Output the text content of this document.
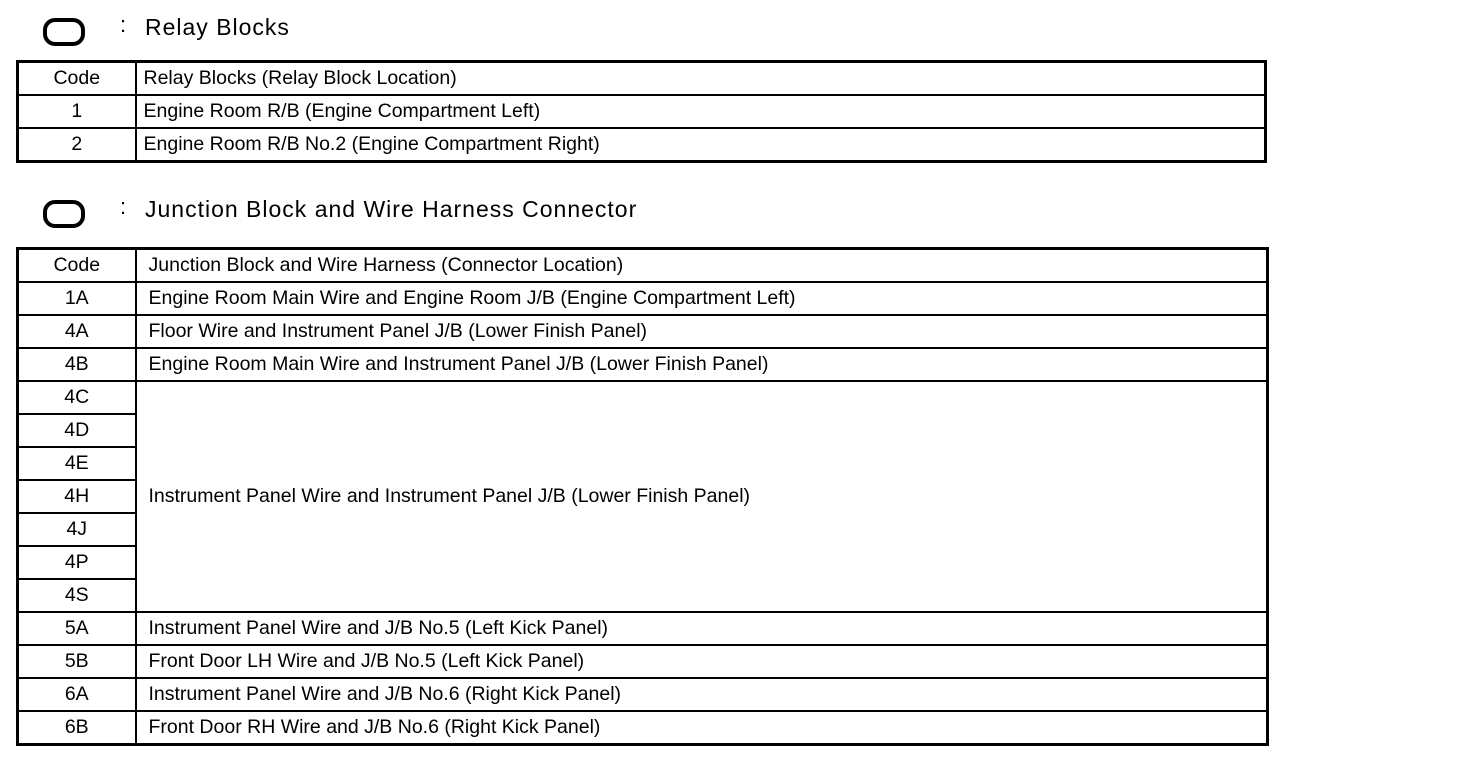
: Relay Blocks
Code	Relay Blocks (Relay Block Location)
1	Engine Room R/B (Engine Compartment Left)
2	Engine Room R/B No.2 (Engine Compartment Right)
: Junction Block and Wire Harness Connector
Code	Junction Block and Wire Harness (Connector Location)
1A	Engine Room Main Wire and Engine Room J/B (Engine Compartment Left)
4A	Floor Wire and Instrument Panel J/B (Lower Finish Panel)
4B	Engine Room Main Wire and Instrument Panel J/B (Lower Finish Panel)
4C	Instrument Panel Wire and Instrument Panel J/B (Lower Finish Panel)
4D	
4E	
4H	
4J	
4P	
4S	
5A	Instrument Panel Wire and J/B No.5 (Left Kick Panel)
5B	Front Door LH Wire and J/B No.5 (Left Kick Panel)
6A	Instrument Panel Wire and J/B No.6 (Right Kick Panel)
6B	Front Door RH Wire and J/B No.6 (Right Kick Panel)
